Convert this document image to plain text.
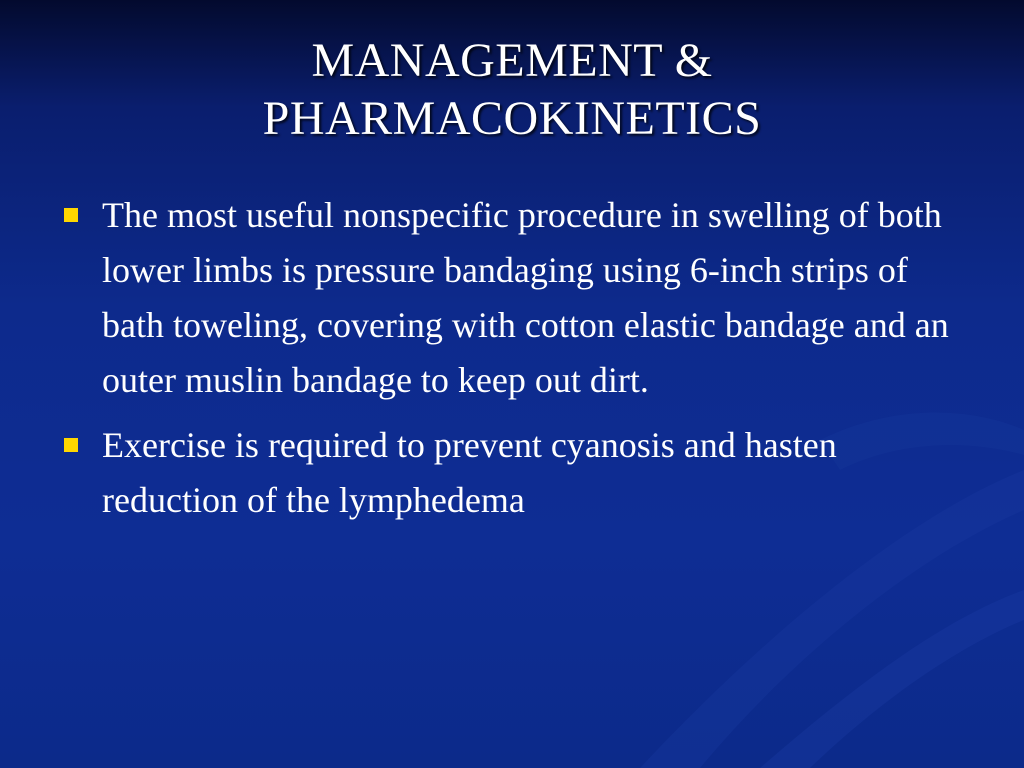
MANAGEMENT &
PHARMACOKINETICS
The most useful nonspecific procedure in swelling of both lower limbs is pressure bandaging using 6-inch strips of bath toweling, covering with cotton elastic bandage and an outer muslin bandage to keep out dirt.
Exercise is required to prevent cyanosis and hasten reduction of the lymphedema
